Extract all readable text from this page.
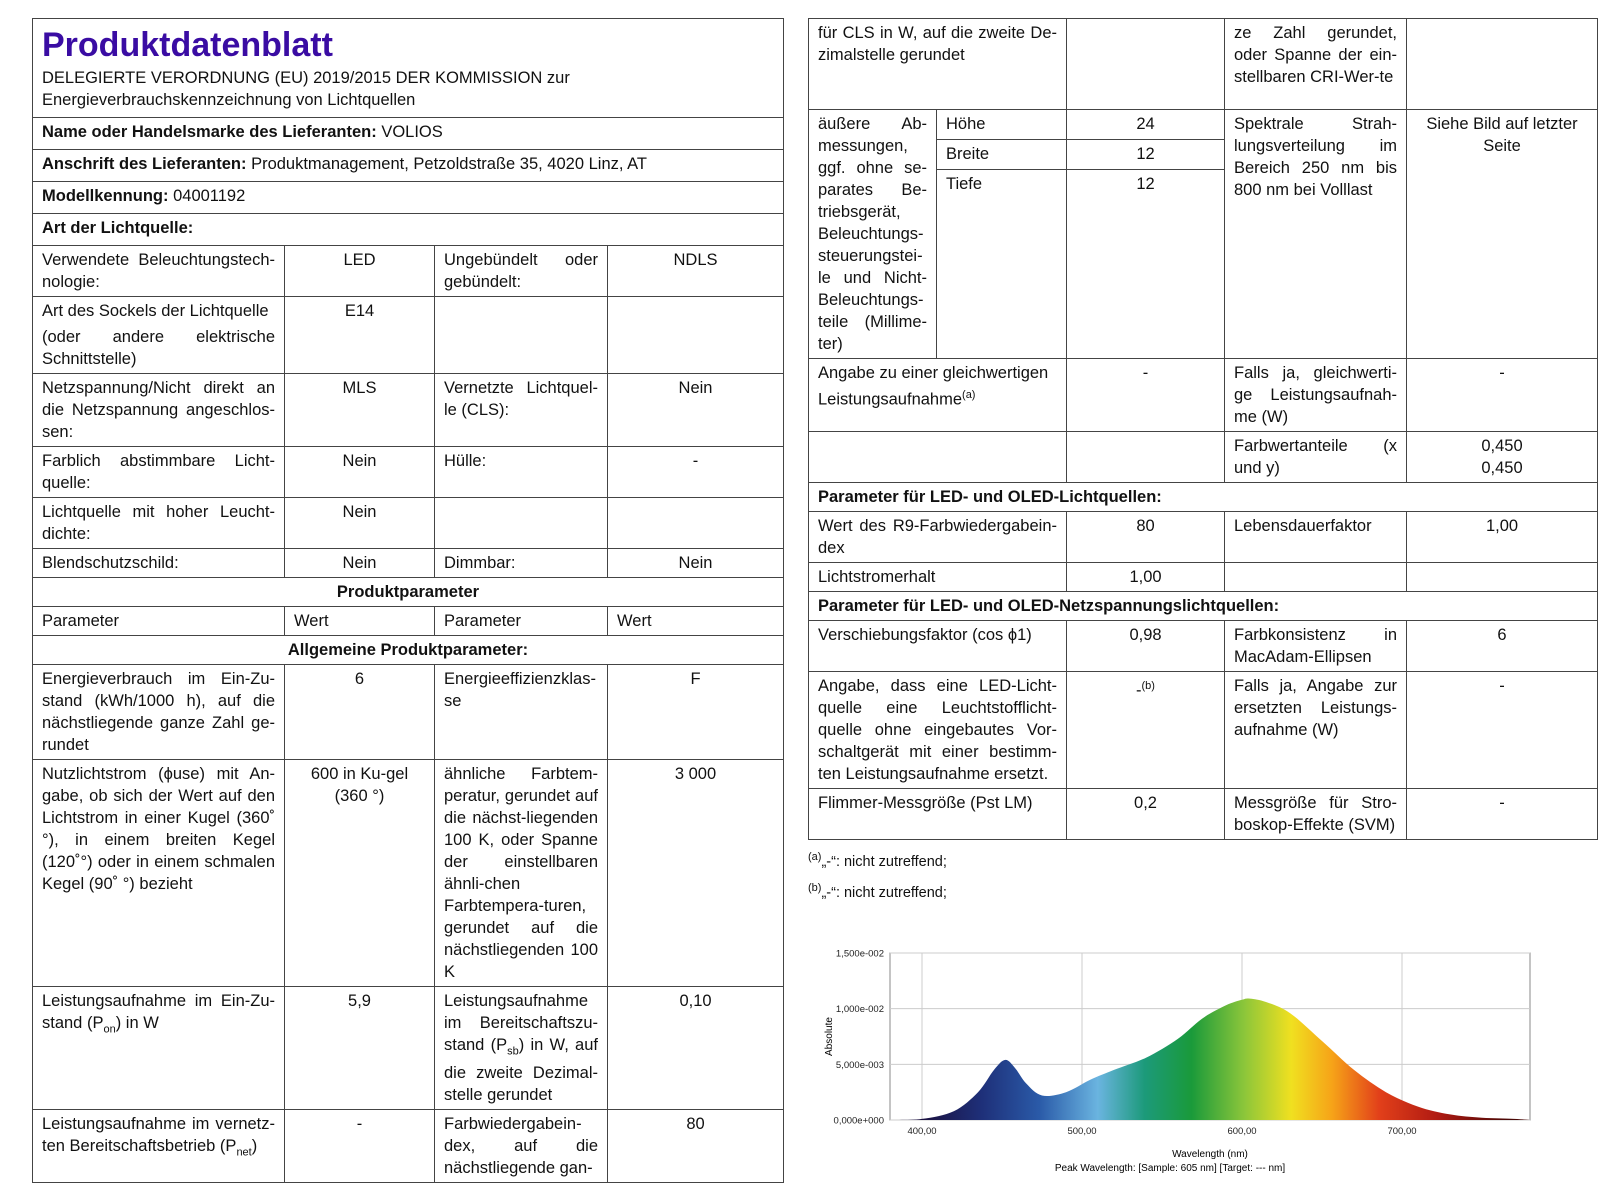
Produktdatenblatt
DELEGIERTE VERORDNUNG (EU) 2019/2015 DER KOMMISSION zur
Energieverbrauchskennzeichnung von Lichtquellen
Name oder Handelsmarke des Lieferanten: VOLIOS
Anschrift des Lieferanten: Produktmanagement, Petzoldstraße 35, 4020 Linz, AT
Modellkennung: 04001192
Art der Lichtquelle:
Verwendete Beleuchtungstech-nologie:	LED	Ungebündelt oder gebündelt:	NDLS
Art des Sockels der Lichtquelle
(oder andere elektrische Schnittstelle)	E14		
Netzspannung/Nicht direkt an die Netzspannung angeschlos-sen:	MLS	Vernetzte Lichtquel-le (CLS):	Nein
Farblich abstimmbare Licht-quelle:	Nein	Hülle:	-
Lichtquelle mit hoher Leucht-dichte:	Nein		
Blendschutzschild:	Nein	Dimmbar:	Nein
Produktparameter			
Parameter	Wert	Parameter	Wert
Allgemeine Produktparameter:			
Energieverbrauch im Ein-Zu-stand (kWh/1000 h), auf die nächstliegende ganze Zahl ge-rundet	6	Energieeffizienzklas-se	F
Nutzlichtstrom (ϕuse) mit An-gabe, ob sich der Wert auf den Lichtstrom in einer Kugel (360˚ °), in einem breiten Kegel (120˚°) oder in einem schmalen Kegel (90˚ °) bezieht	600 in Ku-gel (360 °)	ähnliche Farbtem-peratur, gerundet auf die nächst-liegenden 100 K, oder Spanne der einstellbaren ähnli-chen Farbtempera-turen, gerundet auf die nächstliegenden 100 K	3 000
Leistungsaufnahme im Ein-Zu-stand $(P_{on})$ in W	5,9	Leistungsaufnahme im Bereitschaftszu-stand $(P_{sb})$ in W, auf die zweite Dezimal-stelle gerundet	0,10
Leistungsaufnahme im vernetz-ten Bereitschaftsbetrieb $(P_{net})$	-	Farbwiedergabein-dex, auf die nächstliegende gan-	80
für CLS in W, auf die zweite De-zimalstelle gerundet			ze Zahl gerundet, oder Spanne der ein-stellbaren CRI-Wer-te	
äußere Ab-messungen, ggf. ohne se-parates Be-triebsgerät, Beleuchtungs-steuerungstei-le und Nicht-Beleuchtungs-teile (Millime-ter)	Höhe	24	Spektrale Strah-lungsverteilung im Bereich 250 nm bis 800 nm bei Volllast	Siehe Bild auf letzter Seite
	Breite	12		
	Tiefe	12		
Angabe zu einer gleichwertigen Leistungsaufnahme$^{(a)}$		-	Falls ja, gleichwerti-ge Leistungsaufnah-me (W)	-
			Farbwertanteile (x und y)	0,450
0,450

Parameter für LED- und OLED-Lichtquellen:				
Wert des R9-Farbwiedergabein-dex		80	Lebensdauerfaktor	1,00
Lichtstromerhalt		1,00		
Parameter für LED- und OLED-Netzspannungslichtquellen:				
Verschiebungsfaktor (cos ϕ1)		0,98	Farbkonsistenz in MacAdam-Ellipsen	6
Angabe, dass eine LED-Licht-quelle eine Leuchtstofflicht-quelle ohne eingebautes Vor-schaltgerät mit einer bestimm-ten Leistungsaufnahme ersetzt.		-$^{(b)}$	Falls ja, Angabe zur ersetzten Leistungs-aufnahme (W)	-
Flimmer-Messgröße (Pst LM)		0,2	Messgröße für Stro-boskop-Effekte (SVM)	-
$^{(a)}$„-“: nicht zutreffend;
$^{(b)}$„-“: nicht zutreffend;
0,000e+000
5,000e-003
1,000e-002
1,500e-002
400,00	500,00	600,00	700,00
Absolute
Wavelength (nm)
Peak Wavelength: [Sample: 605 nm] [Target: --- nm]
